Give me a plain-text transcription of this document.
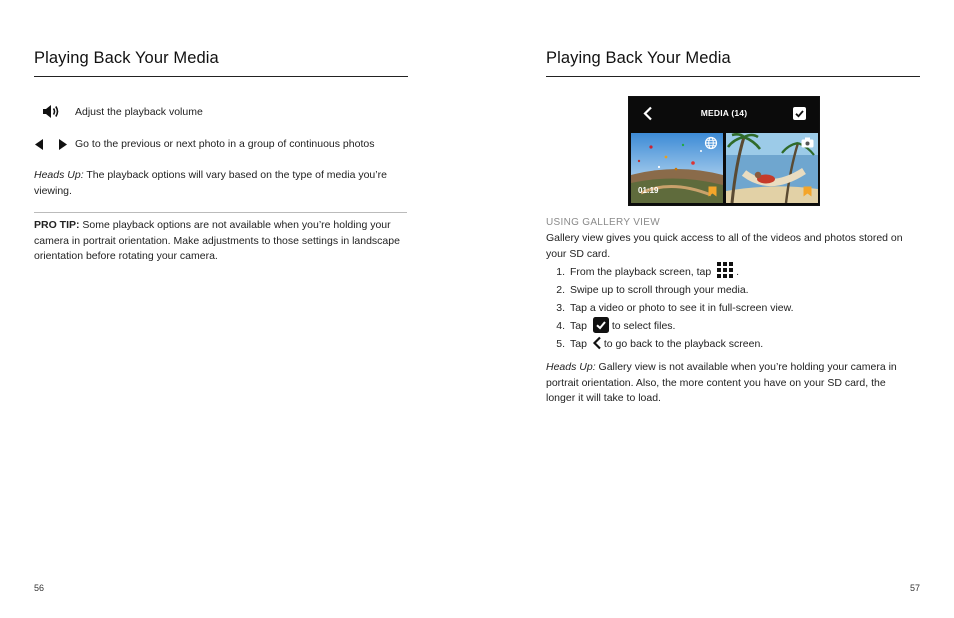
Playing Back Your Media
Adjust the playback volume
Go to the previous or next photo in a group of continuous photos
Heads Up: The playback options will vary based on the type of media you’re viewing.
PRO TIP: Some playback options are not available when you’re holding your camera in portrait orientation. Make adjustments to those settings in landscape orientation before rotating your camera.
56
Playing Back Your Media
MEDIA (14)
01:19
USING GALLERY VIEW
Gallery view gives you quick access to all of the videos and photos stored on your SD card.
1. From the playback screen, tap  .
2. Swipe up to scroll through your media.
3. Tap a video or photo to see it in full-screen view.
4. Tap to select files.
5. Tap to go back to the playback screen.
Heads Up: Gallery view is not available when you’re holding your camera in portrait orientation. Also, the more content you have on your SD card, the longer it will take to load.
57
